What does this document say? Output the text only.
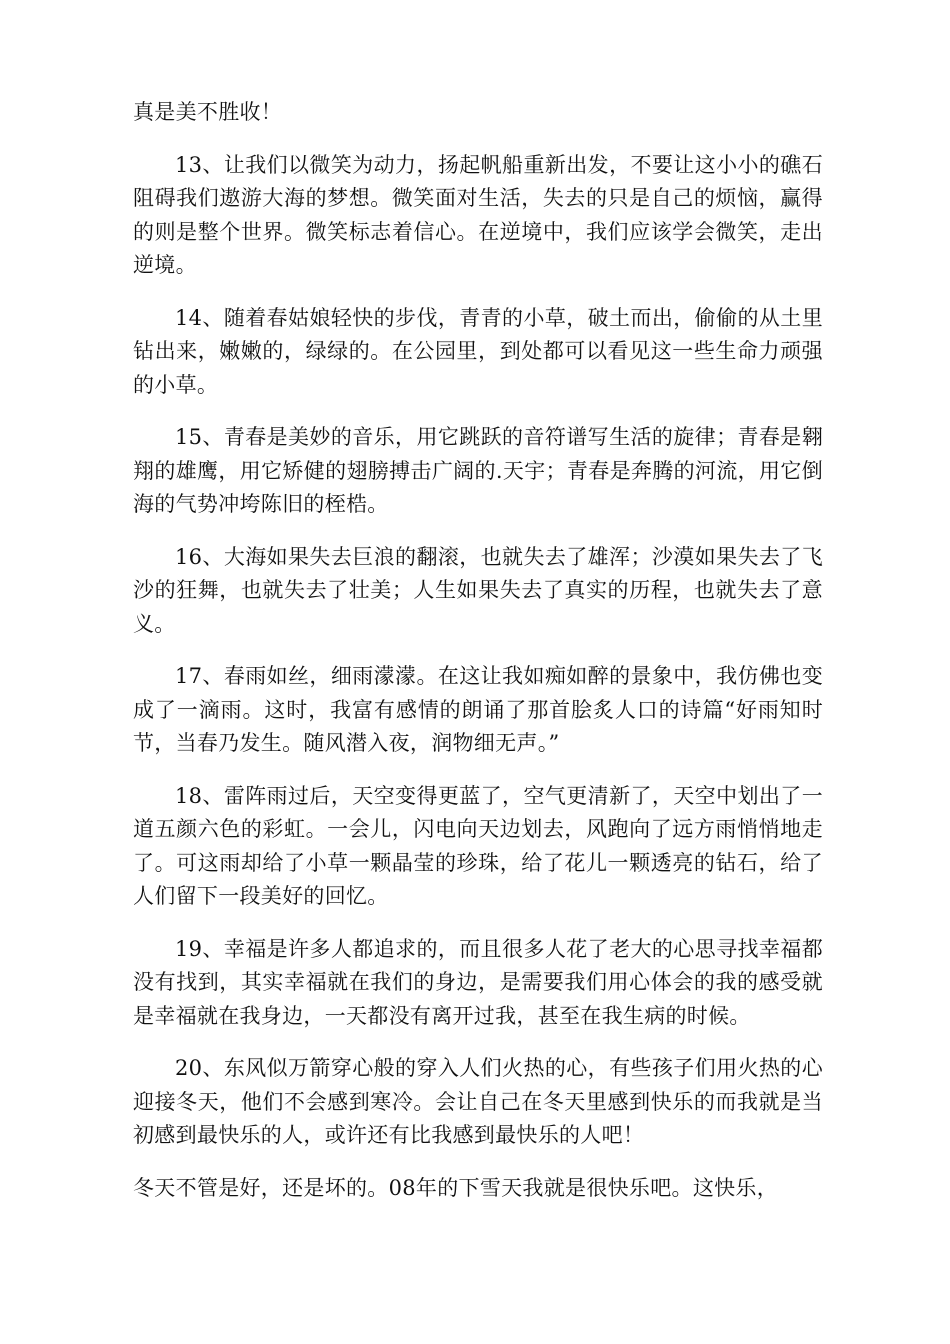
真是美不胜收！

13、让我们以微笑为动力，扬起帆船重新出发，不要让这小小的礁石阻碍我们遨游大海的梦想。微笑面对生活，失去的只是自己的烦恼，赢得的则是整个世界。微笑标志着信心。在逆境中，我们应该学会微笑，走出逆境。

14、随着春姑娘轻快的步伐，青青的小草，破土而出，偷偷的从土里钻出来，嫩嫩的，绿绿的。在公园里，到处都可以看见这一些生命力顽强的小草。

15、青春是美妙的音乐，用它跳跃的音符谱写生活的旋律；青春是翱翔的雄鹰，用它矫健的翅膀搏击广阔的.天宇；青春是奔腾的河流，用它倒海的气势冲垮陈旧的桎梏。

16、大海如果失去巨浪的翻滚，也就失去了雄浑；沙漠如果失去了飞沙的狂舞，也就失去了壮美；人生如果失去了真实的历程，也就失去了意义。

17、春雨如丝，细雨濛濛。在这让我如痴如醉的景象中，我仿佛也变成了一滴雨。这时，我富有感情的朗诵了那首脍炙人口的诗篇“好雨知时节，当春乃发生。随风潜入夜，润物细无声。”

18、雷阵雨过后，天空变得更蓝了，空气更清新了，天空中划出了一道五颜六色的彩虹。一会儿，闪电向天边划去，风跑向了远方雨悄悄地走了。可这雨却给了小草一颗晶莹的珍珠，给了花儿一颗透亮的钻石，给了人们留下一段美好的回忆。

19、幸福是许多人都追求的，而且很多人花了老大的心思寻找幸福都没有找到，其实幸福就在我们的身边，是需要我们用心体会的我的感受就是幸福就在我身边，一天都没有离开过我，甚至在我生病的时候。

20、东风似万箭穿心般的穿入人们火热的心，有些孩子们用火热的心迎接冬天，他们不会感到寒冷。会让自己在冬天里感到快乐的而我就是当初感到最快乐的人，或许还有比我感到最快乐的人吧！

冬天不管是好，还是坏的。08年的下雪天我就是很快乐吧。这快乐，
